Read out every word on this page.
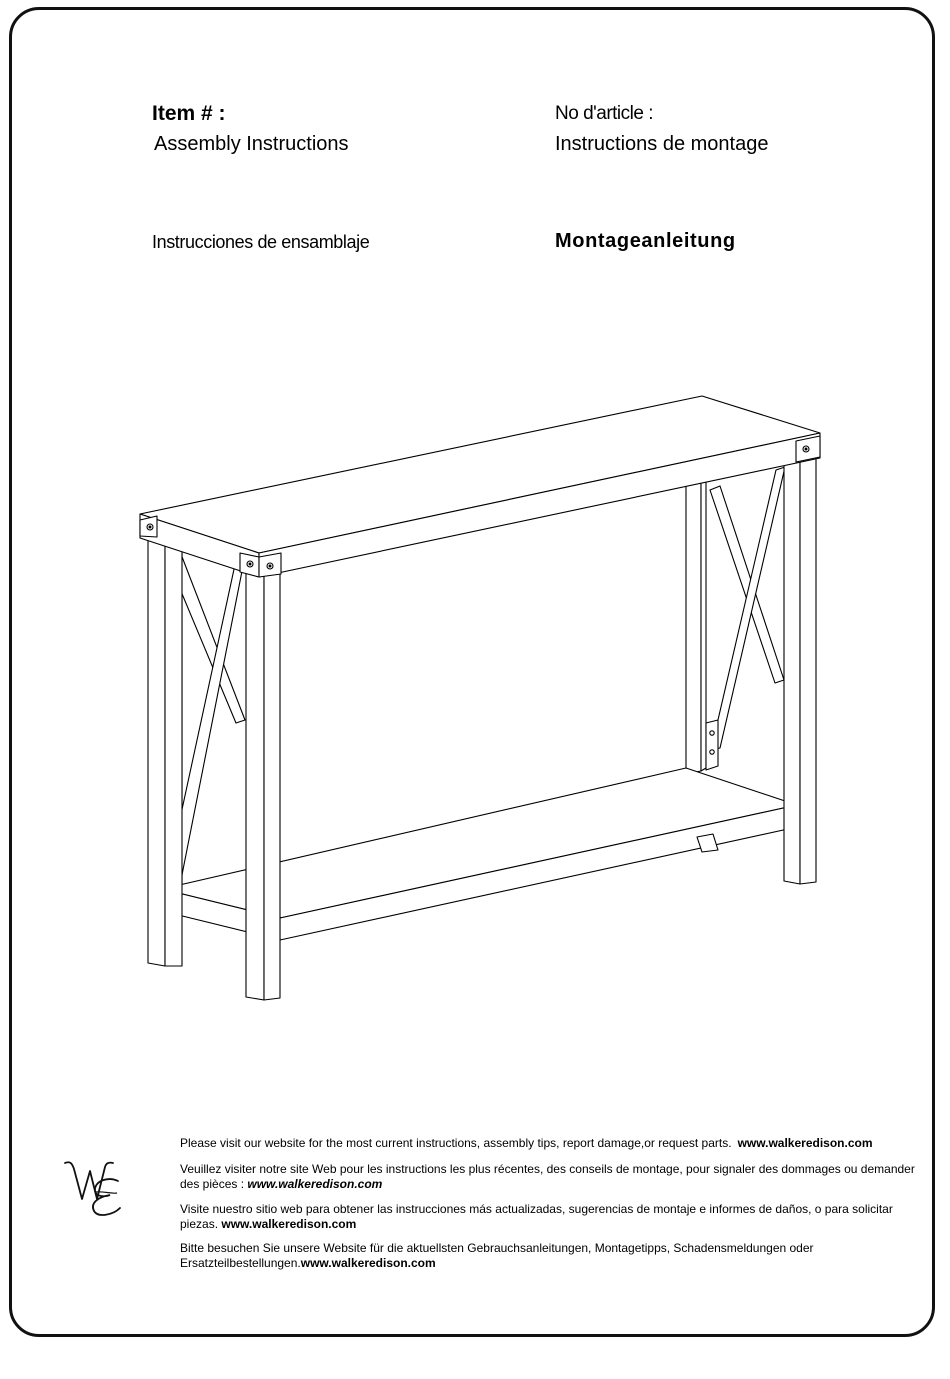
Item # :
Assembly Instructions
No d'article :
Instructions de montage
Instrucciones de ensamblaje	Montageanleitung
Please visit our website for the most current instructions, assembly tips, report damage,or request parts. www.walkeredison.com
Veuillez visiter notre site Web pour les instructions les plus récentes, des conseils de montage, pour signaler des dommages ou demander des pièces : www.walkeredison.com
Visite nuestro sitio web para obtener las instrucciones más actualizadas, sugerencias de montaje e informes de daños, o para solicitar piezas. www.walkeredison.com
Bitte besuchen Sie unsere Website für die aktuellsten Gebrauchsanleitungen, Montagetipps, Schadensmeldungen oder Ersatzteilbestellungen.www.walkeredison.com
